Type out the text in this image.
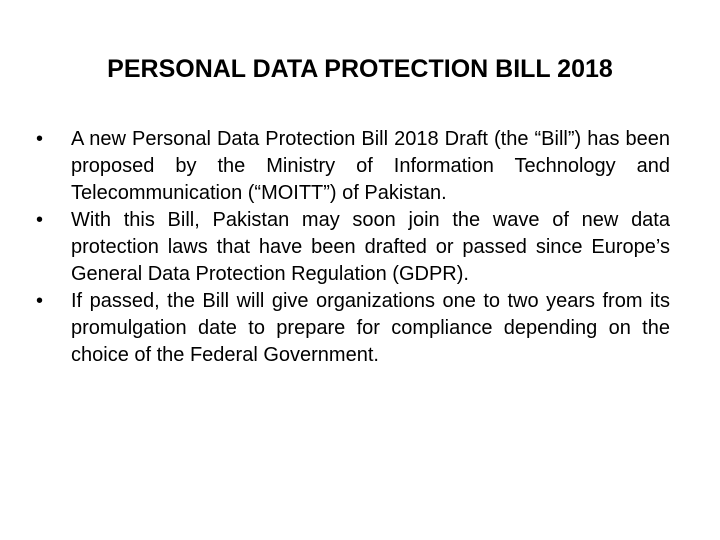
PERSONAL DATA PROTECTION BILL 2018
•	A new Personal Data Protection Bill 2018 Draft (the “Bill”) has been proposed by the Ministry of Information Technology and Telecommunication (“MOITT”) of Pakistan.
•	With this Bill, Pakistan may soon join the wave of new data protection laws that have been drafted or passed since Europe’s General Data Protection Regulation (GDPR).
•	If passed, the Bill will give organizations one to two years from its promulgation date to prepare for compliance depending on the choice of the Federal Government.
